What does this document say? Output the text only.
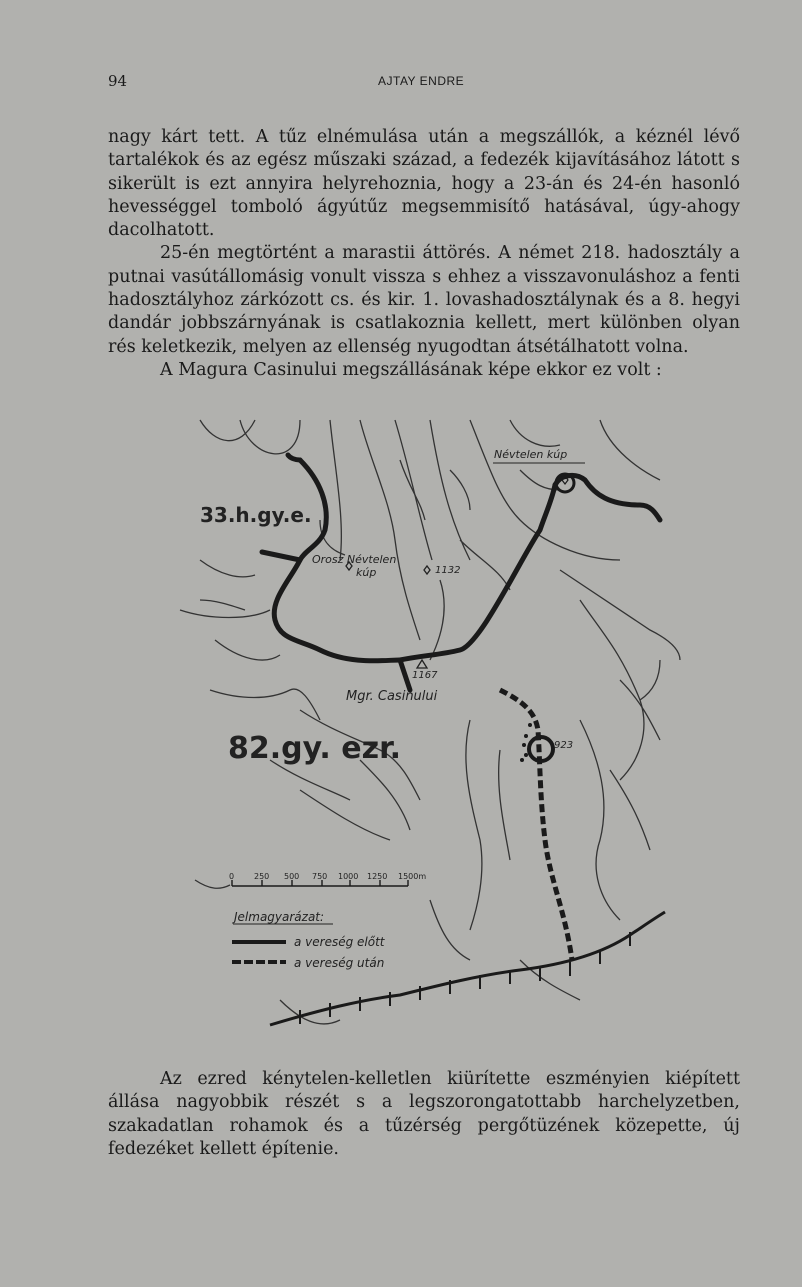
94	AJTAY ENDRE

nagy kárt tett. A tűz elnémulása után a megszállók, a kéznél lévő tartalékok és az egész műszaki század, a fedezék kijavításához látott s sikerült is ezt annyira helyrehoznia, hogy a 23-án és 24-én hasonló hevességgel tomboló ágyútűz megsemmisítő hatásával, úgy-ahogy dacolhatott.

25-én megtörtént a marastii áttörés. A német 218. hadosztály a putnai vasútállomásig vonult vissza s ehhez a visszavonuláshoz a fenti hadosztályhoz zárkózott cs. és kir. 1. lovashadosztálynak és a 8. hegyi dandár jobbszárnyának is csatlakoznia kellett, mert különben olyan rés keletkezik, melyen az ellenség nyugodtan átsétálhatott volna.

A Magura Casinului megszállásának képe ekkor ez volt :

Névtelen kúp
33.h.gy.e.
Orosz Névtelen
kúp	1132
1167
Mgr. Casinului
82.gy. ezr.	923
0 250 500 750 1000 1250 1500m
Jelmagyarázat:
a vereség előtt
a vereség után

Az ezred kénytelen-kelletlen kiürítette eszményien kiépített állása nagyobbik részét s a legszorongatottabb harchelyzetben, szakadatlan rohamok és a tűzérség pergőtüzének közepette, új fedezéket kellett építenie.
